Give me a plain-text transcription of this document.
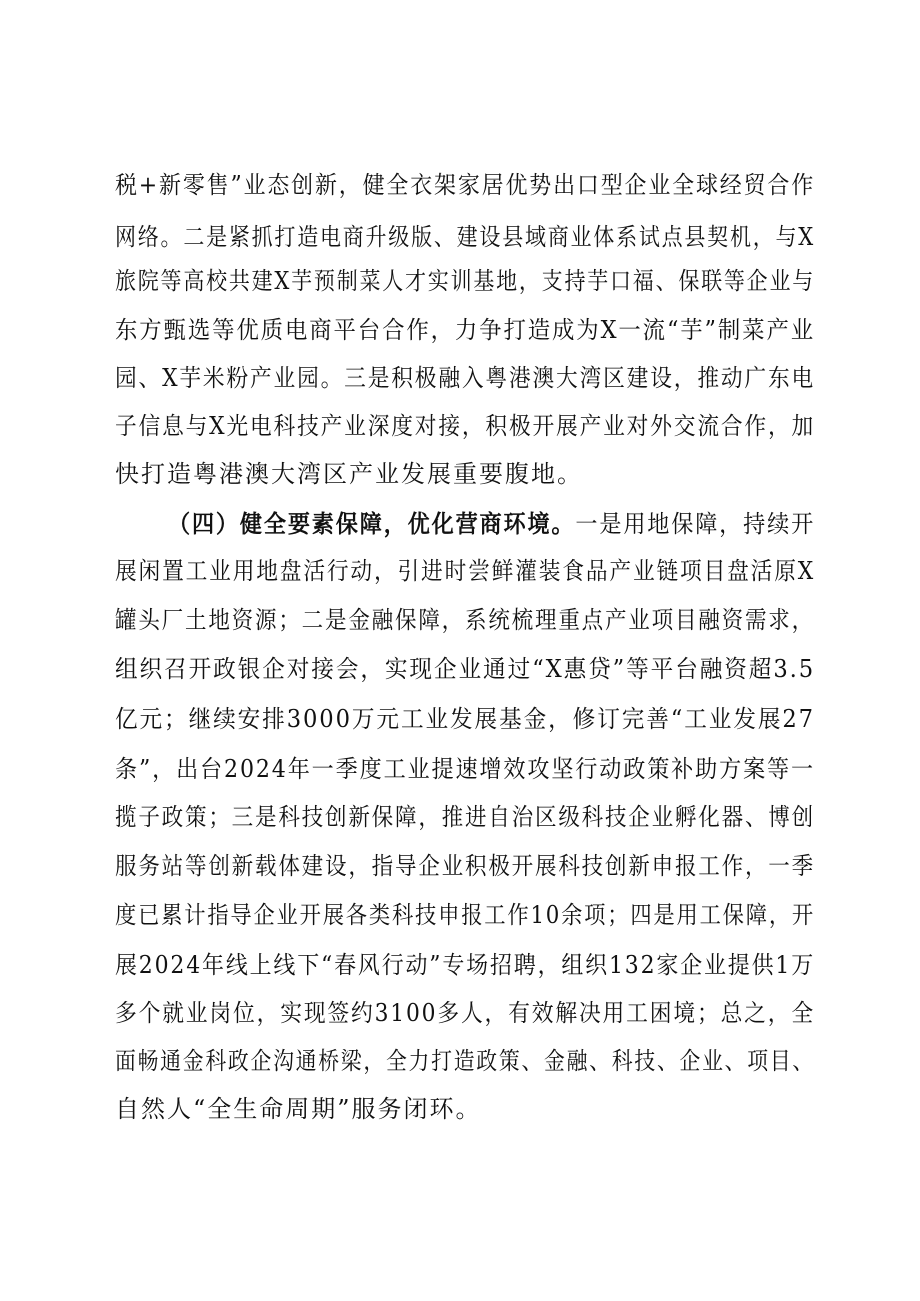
税+新零售”业态创新，健全衣架家居优势出口型企业全球经贸合作
网络。二是紧抓打造电商升级版、建设县域商业体系试点县契机，与X
旅院等高校共建X芋预制菜人才实训基地，支持芋口福、保联等企业与
东方甄选等优质电商平台合作，力争打造成为X一流“芋”制菜产业
园、X芋米粉产业园。三是积极融入粤港澳大湾区建设，推动广东电
子信息与X光电科技产业深度对接，积极开展产业对外交流合作，加
快打造粤港澳大湾区产业发展重要腹地。
（四）健全要素保障，优化营商环境。一是用地保障，持续开
展闲置工业用地盘活行动，引进时尝鲜灌装食品产业链项目盘活原X
罐头厂土地资源；二是金融保障，系统梳理重点产业项目融资需求，
组织召开政银企对接会，实现企业通过“X惠贷”等平台融资超3.5
亿元；继续安排3000万元工业发展基金，修订完善“工业发展27
条”，出台2024年一季度工业提速增效攻坚行动政策补助方案等一
揽子政策；三是科技创新保障，推进自治区级科技企业孵化器、博创
服务站等创新载体建设，指导企业积极开展科技创新申报工作，一季
度已累计指导企业开展各类科技申报工作10余项；四是用工保障，开
展2024年线上线下“春风行动”专场招聘，组织132家企业提供1万
多个就业岗位，实现签约3100多人，有效解决用工困境；总之，全
面畅通金科政企沟通桥梁，全力打造政策、金融、科技、企业、项目、
自然人“全生命周期”服务闭环。
